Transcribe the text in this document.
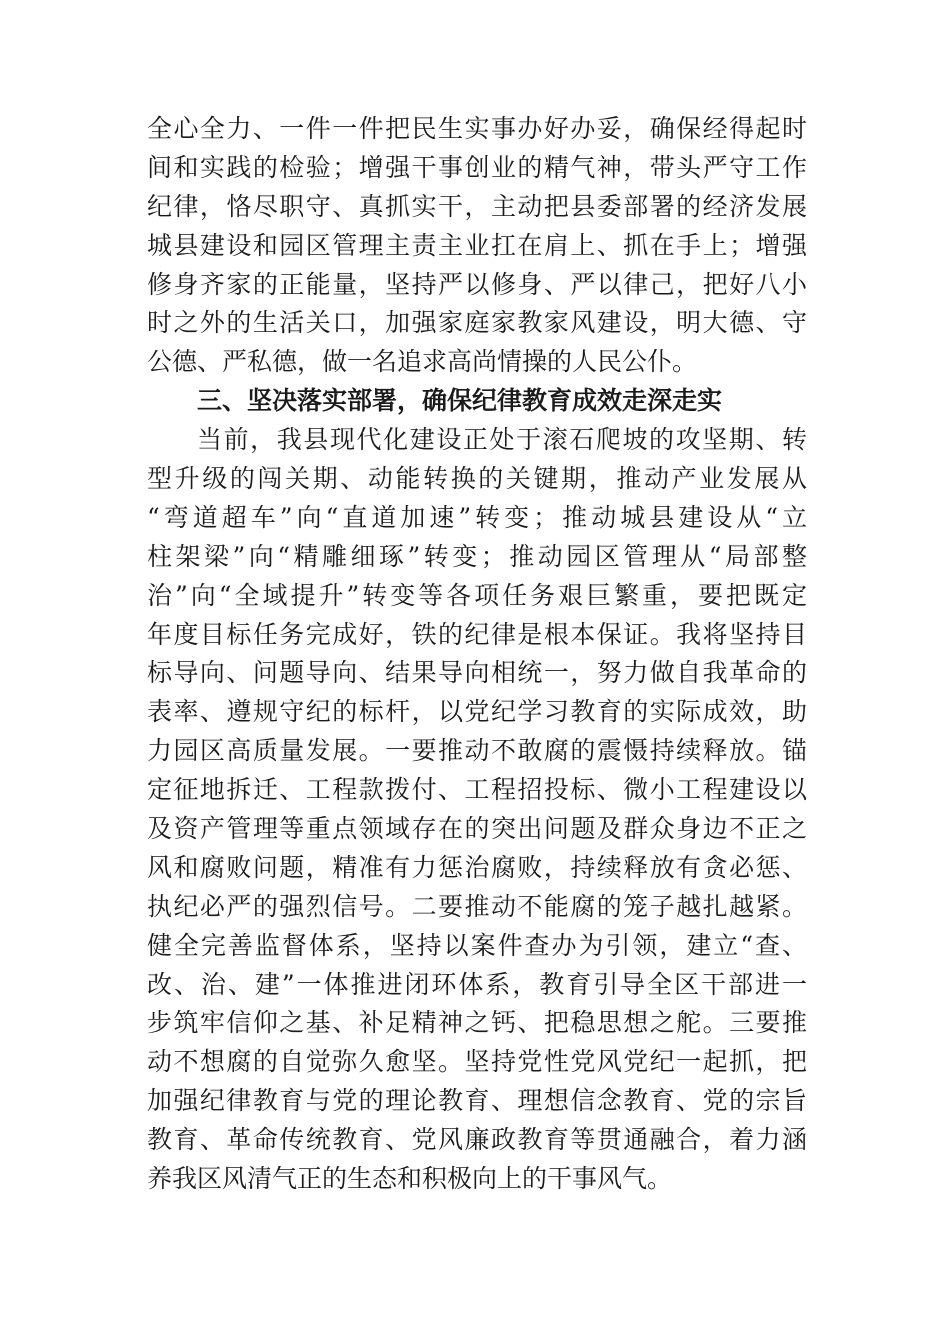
全心全力、一件一件把民生实事办好办妥，确保经得起时
间和实践的检验；增强干事创业的精气神，带头严守工作
纪律，恪尽职守、真抓实干，主动把县委部署的经济发展
城县建设和园区管理主责主业扛在肩上、抓在手上；增强
修身齐家的正能量，坚持严以修身、严以律己，把好八小
时之外的生活关口，加强家庭家教家风建设，明大德、守
公德、严私德，做一名追求高尚情操的人民公仆。
三、坚决落实部署，确保纪律教育成效走深走实
当前，我县现代化建设正处于滚石爬坡的攻坚期、转
型升级的闯关期、动能转换的关键期，推动产业发展从
“弯道超车”向“直道加速”转变；推动城县建设从“立
柱架梁”向“精雕细琢”转变；推动园区管理从“局部整
治”向“全域提升”转变等各项任务艰巨繁重，要把既定
年度目标任务完成好，铁的纪律是根本保证。我将坚持目
标导向、问题导向、结果导向相统一，努力做自我革命的
表率、遵规守纪的标杆，以党纪学习教育的实际成效，助
力园区高质量发展。一要推动不敢腐的震慑持续释放。锚
定征地拆迁、工程款拨付、工程招投标、微小工程建设以
及资产管理等重点领域存在的突出问题及群众身边不正之
风和腐败问题，精准有力惩治腐败，持续释放有贪必惩、
执纪必严的强烈信号。二要推动不能腐的笼子越扎越紧。
健全完善监督体系，坚持以案件查办为引领，建立“查、
改、治、建”一体推进闭环体系，教育引导全区干部进一
步筑牢信仰之基、补足精神之钙、把稳思想之舵。三要推
动不想腐的自觉弥久愈坚。坚持党性党风党纪一起抓，把
加强纪律教育与党的理论教育、理想信念教育、党的宗旨
教育、革命传统教育、党风廉政教育等贯通融合，着力涵
养我区风清气正的生态和积极向上的干事风气。
